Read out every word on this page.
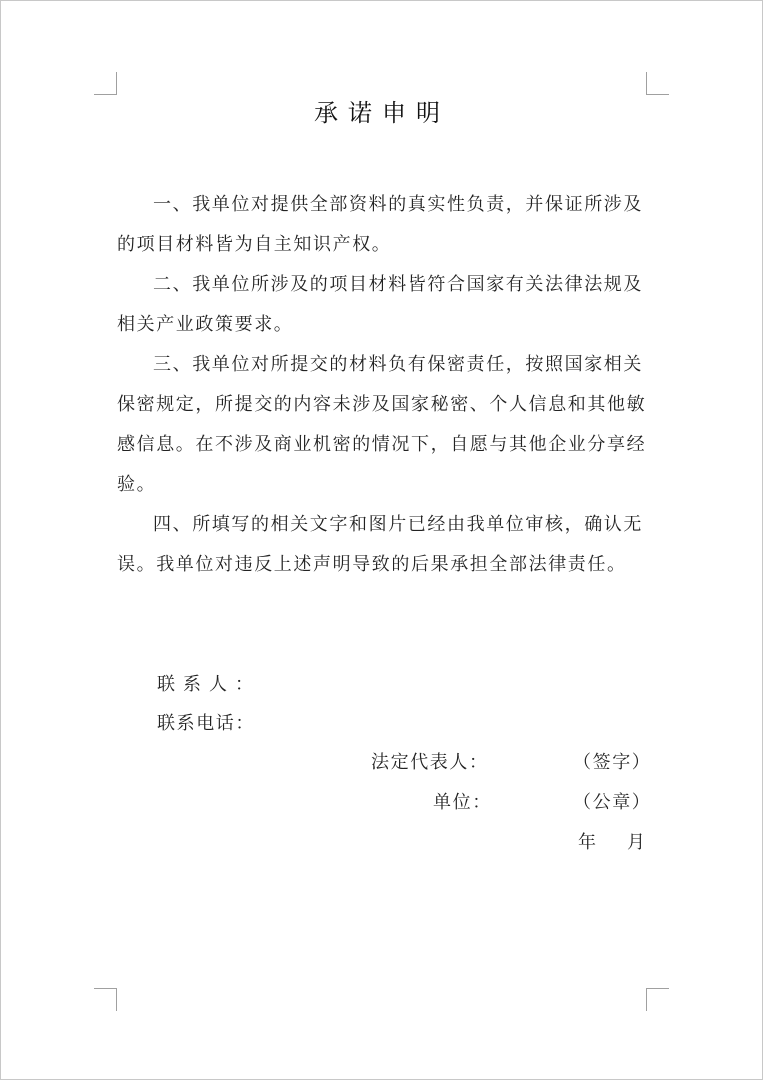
承诺申明

一、我单位对提供全部资料的真实性负责，并保证所涉及的项目材料皆为自主知识产权。

二、我单位所涉及的项目材料皆符合国家有关法律法规及相关产业政策要求。

三、我单位对所提交的材料负有保密责任，按照国家相关保密规定，所提交的内容未涉及国家秘密、个人信息和其他敏感信息。在不涉及商业机密的情况下，自愿与其他企业分享经验。

四、所填写的相关文字和图片已经由我单位审核，确认无误。我单位对违反上述声明导致的后果承担全部法律责任。

联系人：
联系电话：
法定代表人：	（签字）
单位：	（公章）
年 月
